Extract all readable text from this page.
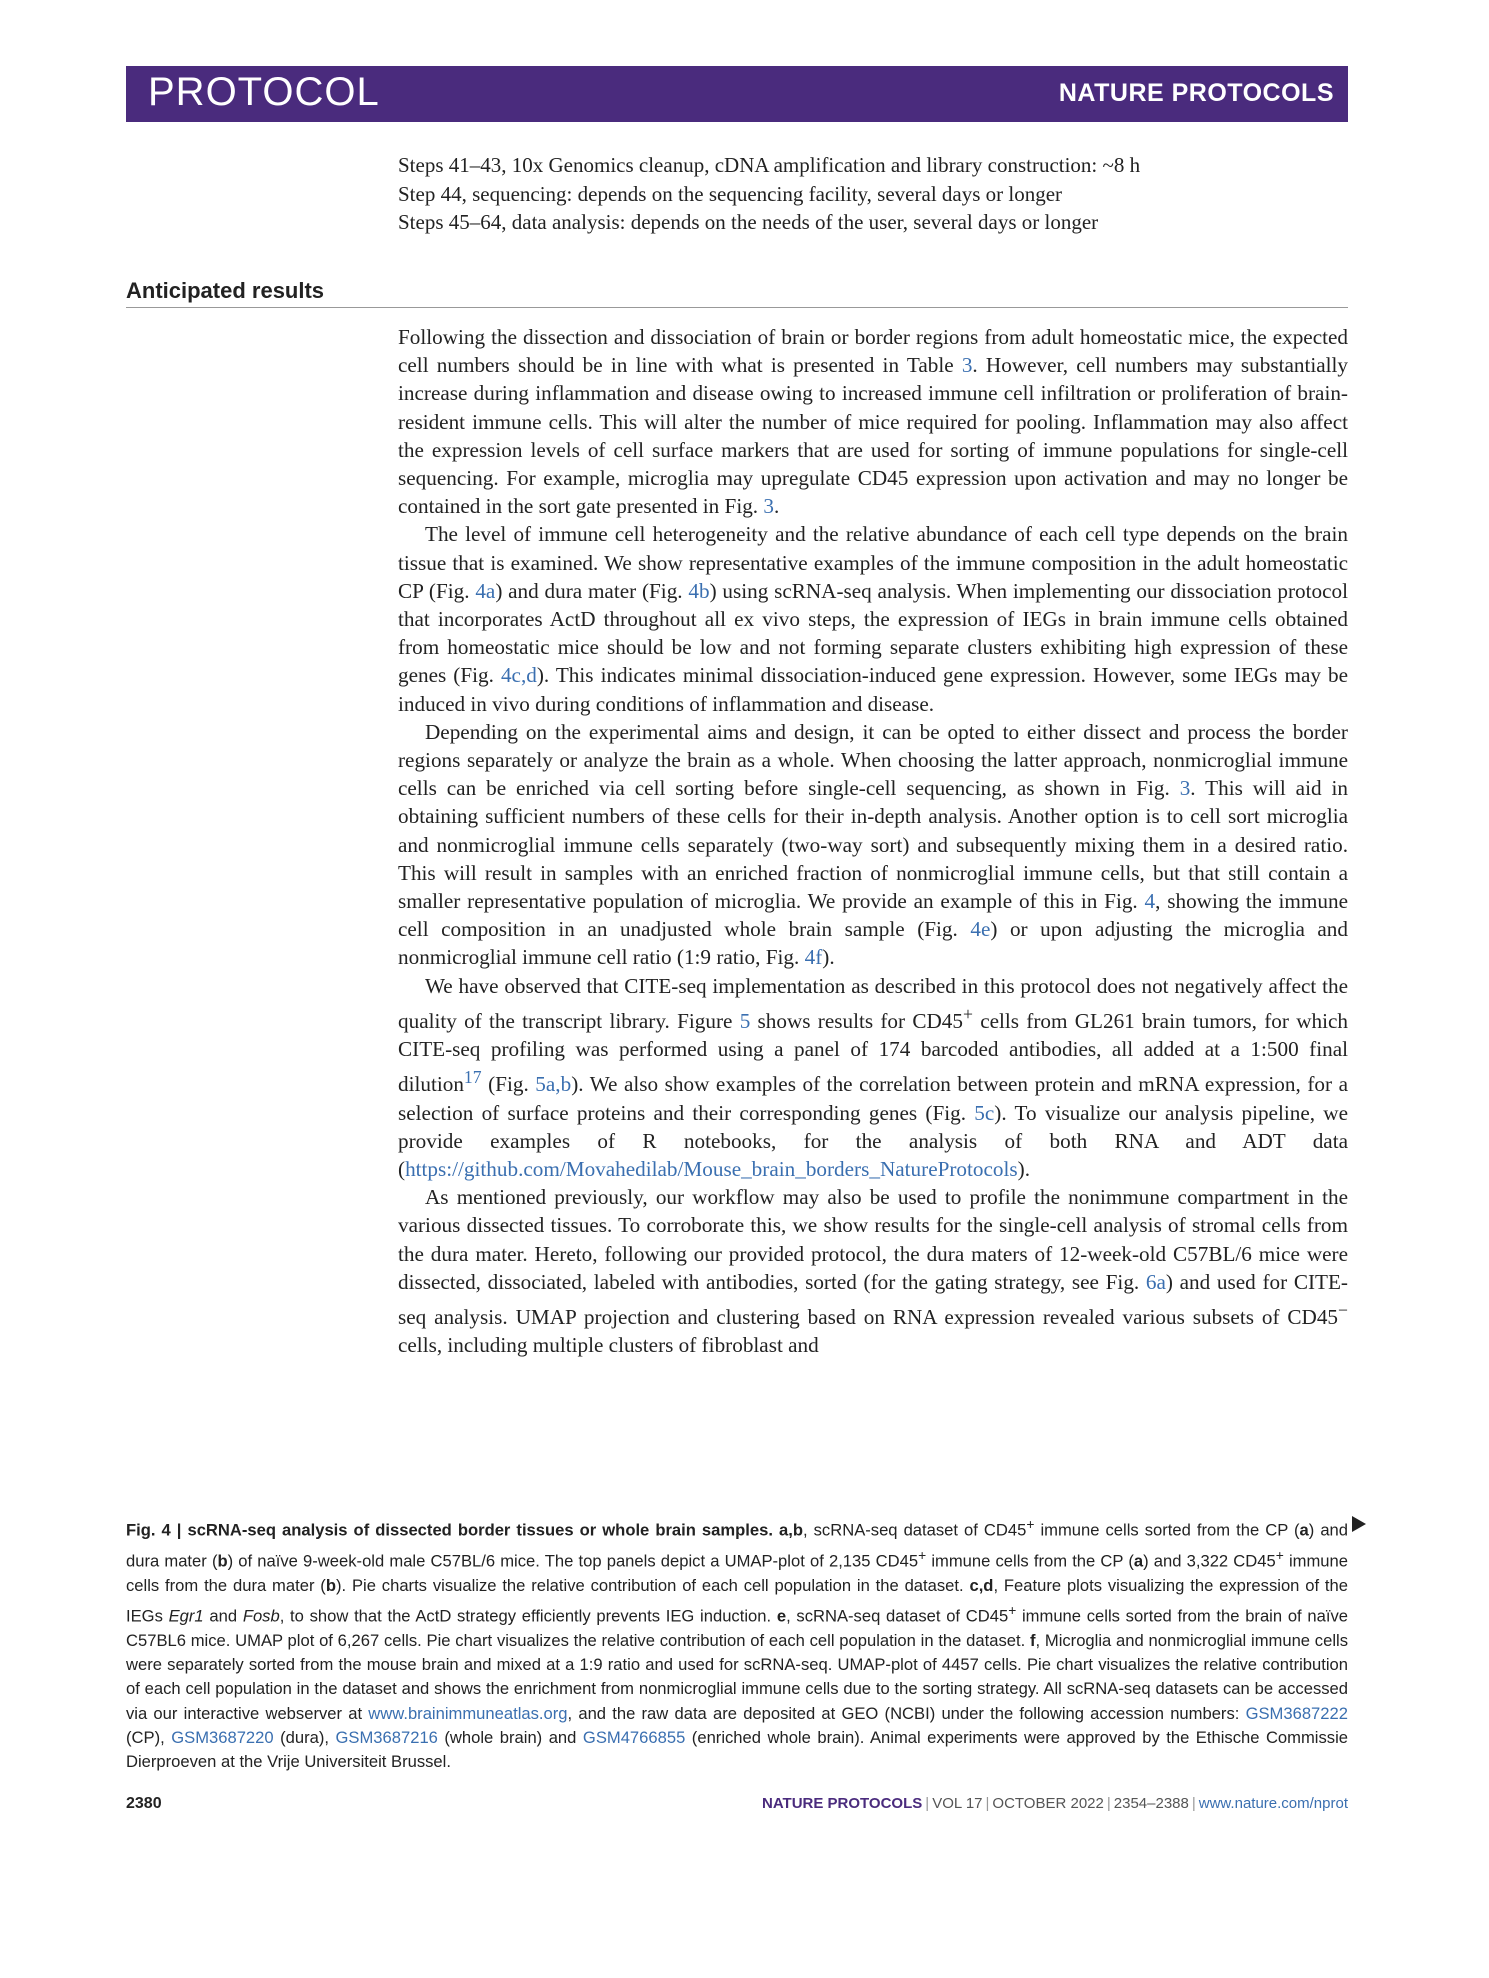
PROTOCOL	NATURE PROTOCOLS
Steps 41–43, 10x Genomics cleanup, cDNA amplification and library construction: ~8 h
Step 44, sequencing: depends on the sequencing facility, several days or longer
Steps 45–64, data analysis: depends on the needs of the user, several days or longer
Anticipated results

Following the dissection and dissociation of brain or border regions from adult homeostatic mice, the expected cell numbers should be in line with what is presented in Table 3. However, cell numbers may substantially increase during inflammation and disease owing to increased immune cell infiltration or proliferation of brain-resident immune cells. This will alter the number of mice required for pooling. Inflammation may also affect the expression levels of cell surface markers that are used for sorting of immune populations for single-cell sequencing. For example, microglia may upregulate CD45 expression upon activation and may no longer be contained in the sort gate presented in Fig. 3.

The level of immune cell heterogeneity and the relative abundance of each cell type depends on the brain tissue that is examined. We show representative examples of the immune composition in the adult homeostatic CP (Fig. 4a) and dura mater (Fig. 4b) using scRNA-seq analysis. When implementing our dissociation protocol that incorporates ActD throughout all ex vivo steps, the expression of IEGs in brain immune cells obtained from homeostatic mice should be low and not forming separate clusters exhibiting high expression of these genes (Fig. 4c,d). This indicates minimal dissociation-induced gene expression. However, some IEGs may be induced in vivo during conditions of inflammation and disease.

Depending on the experimental aims and design, it can be opted to either dissect and process the border regions separately or analyze the brain as a whole. When choosing the latter approach, nonmicroglial immune cells can be enriched via cell sorting before single-cell sequencing, as shown in Fig. 3. This will aid in obtaining sufficient numbers of these cells for their in-depth analysis. Another option is to cell sort microglia and nonmicroglial immune cells separately (two-way sort) and subsequently mixing them in a desired ratio. This will result in samples with an enriched fraction of nonmicroglial immune cells, but that still contain a smaller representative population of microglia. We provide an example of this in Fig. 4, showing the immune cell composition in an unadjusted whole brain sample (Fig. 4e) or upon adjusting the microglia and nonmicroglial immune cell ratio (1:9 ratio, Fig. 4f).

We have observed that CITE-seq implementation as described in this protocol does not negatively affect the quality of the transcript library. Figure 5 shows results for CD45+ cells from GL261 brain tumors, for which CITE-seq profiling was performed using a panel of 174 barcoded antibodies, all added at a 1:500 final dilution$^{17}$ (Fig. 5a,b). We also show examples of the correlation between protein and mRNA expression, for a selection of surface proteins and their corresponding genes (Fig. 5c). To visualize our analysis pipeline, we provide examples of R notebooks, for the analysis of both RNA and ADT data (https://github.com/Movahedilab/Mouse_brain_borders_NatureProtocols).

As mentioned previously, our workflow may also be used to profile the nonimmune compartment in the various dissected tissues. To corroborate this, we show results for the single-cell analysis of stromal cells from the dura mater. Hereto, following our provided protocol, the dura maters of 12-week-old C57BL/6 mice were dissected, dissociated, labeled with antibodies, sorted (for the gating strategy, see Fig. 6a) and used for CITE-seq analysis. UMAP projection and clustering based on RNA expression revealed various subsets of CD45− cells, including multiple clusters of fibroblast and

Fig. 4 | scRNA-seq analysis of dissected border tissues or whole brain samples. a,b, scRNA-seq dataset of CD45+ immune cells sorted from the CP (a) and dura mater (b) of naïve 9-week-old male C57BL/6 mice. The top panels depict a UMAP-plot of 2,135 CD45+ immune cells from the CP (a) and 3,322 CD45+ immune cells from the dura mater (b). Pie charts visualize the relative contribution of each cell population in the dataset. c,d, Feature plots visualizing the expression of the IEGs Egr1 and Fosb, to show that the ActD strategy efficiently prevents IEG induction. e, scRNA-seq dataset of CD45+ immune cells sorted from the brain of naïve C57BL6 mice. UMAP plot of 6,267 cells. Pie chart visualizes the relative contribution of each cell population in the dataset. f, Microglia and nonmicroglial immune cells were separately sorted from the mouse brain and mixed at a 1:9 ratio and used for scRNA-seq. UMAP-plot of 4457 cells. Pie chart visualizes the relative contribution of each cell population in the dataset and shows the enrichment from nonmicroglial immune cells due to the sorting strategy. All scRNA-seq datasets can be accessed via our interactive webserver at www.brainimmuneatlas.org, and the raw data are deposited at GEO (NCBI) under the following accession numbers: GSM3687222 (CP), GSM3687220 (dura), GSM3687216 (whole brain) and GSM4766855 (enriched whole brain). Animal experiments were approved by the Ethische Commissie Dierproeven at the Vrije Universiteit Brussel.
2380	NATURE PROTOCOLS | VOL 17 | OCTOBER 2022 | 2354–2388 | www.nature.com/nprot
